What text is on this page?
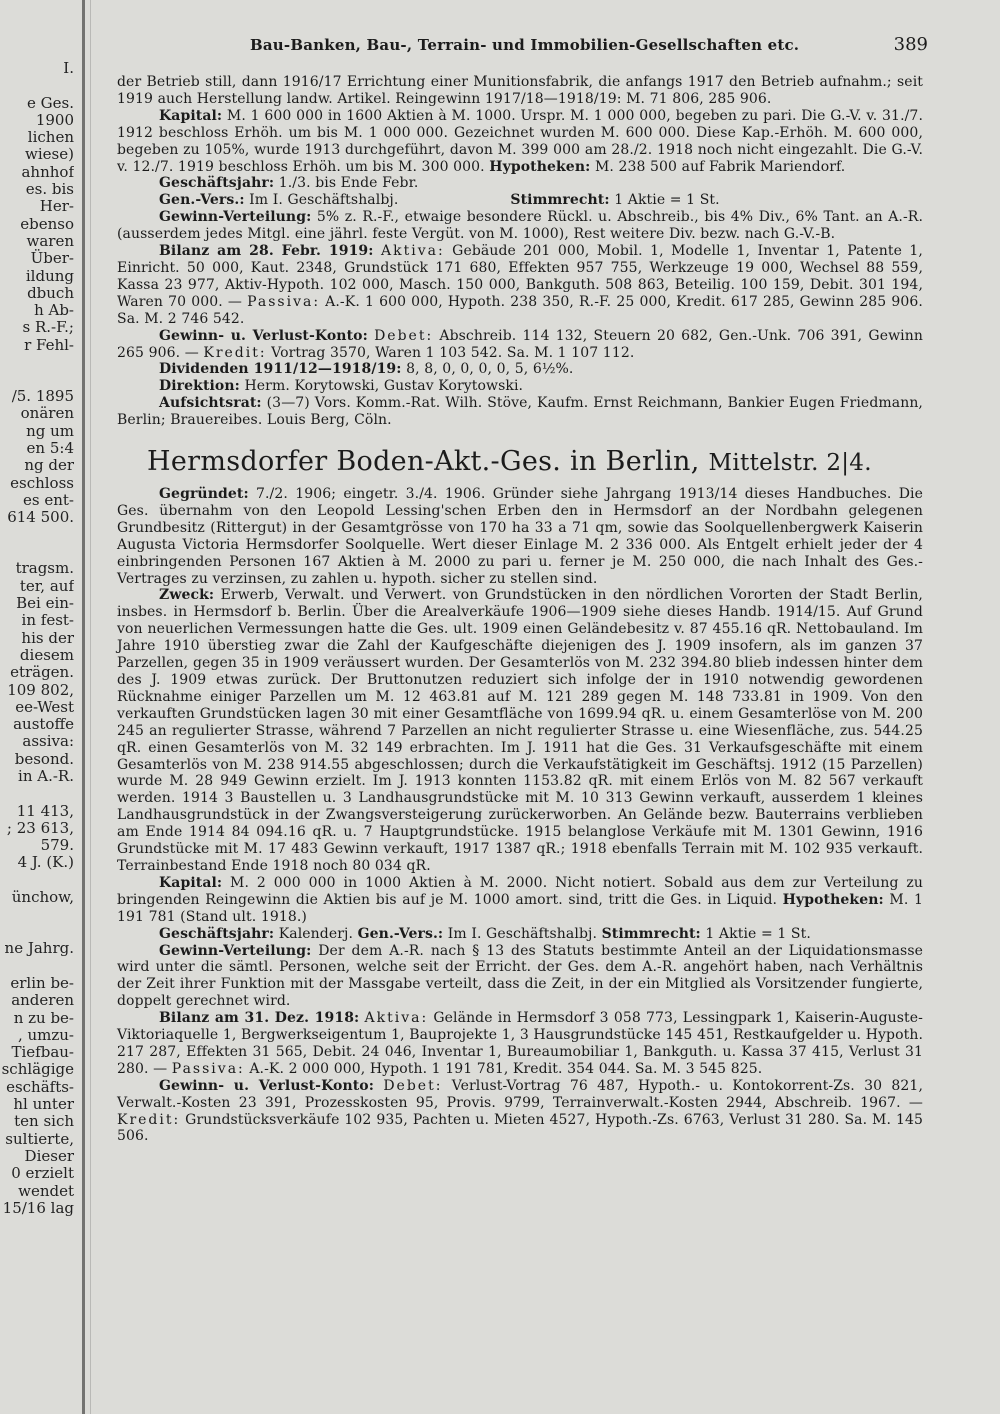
I.

e Ges.
1900
lichen
wiese)
ahnhof
es. bis
Her-
ebenso
waren
Über-
ildung
dbuch
h Ab-
s R.-F.;
r Fehl-
/5. 1895
onären
ng um
en 5:4
ng der
eschloss
es ent-
614 500.
tragsm.
ter, auf
Bei ein-
in fest-
his der
diesem
eträgen.
109 802,
ee-West
austoffe
assiva:
besond.
in A.-R.

11 413,
; 23 613,
579.
4 J. (K.)

ünchow,
ne Jahrg.

erlin be-
anderen
n zu be-
, umzu-
Tiefbau-
schlägige
eschäfts-
hl unter
ten sich
sultierte,
Dieser
0 erzielt
wendet
15/16 lag
Bau-Banken, Bau-, Terrain- und Immobilien-Gesellschaften etc.	389

der Betrieb still, dann 1916/17 Errichtung einer Munitionsfabrik, die anfangs 1917 den Betrieb aufnahm.; seit 1919 auch Herstellung landw. Artikel. Reingewinn 1917/18—1918/19: M. 71 806, 285 906.

Kapital: M. 1 600 000 in 1600 Aktien à M. 1000. Urspr. M. 1 000 000, begeben zu pari. Die G.-V. v. 31./7. 1912 beschloss Erhöh. um bis M. 1 000 000. Gezeichnet wurden M. 600 000. Diese Kap.-Erhöh. M. 600 000, begeben zu 105%, wurde 1913 durchgeführt, davon M. 399 000 am 28./2. 1918 noch nicht eingezahlt. Die G.-V. v. 12./7. 1919 beschloss Erhöh. um bis M. 300 000. Hypotheken: M. 238 500 auf Fabrik Mariendorf.

Geschäftsjahr: 1./3. bis Ende Febr.

Gen.-Vers.: Im I. Geschäftshalbj.	Stimmrecht: 1 Aktie = 1 St.

Gewinn-Verteilung: 5% z. R.-F., etwaige besondere Rückl. u. Abschreib., bis 4% Div., 6% Tant. an A.-R. (ausserdem jedes Mitgl. eine jährl. feste Vergüt. von M. 1000), Rest weitere Div. bezw. nach G.-V.-B.

Bilanz am 28. Febr. 1919: Aktiva: Gebäude 201 000, Mobil. 1, Modelle 1, Inventar 1, Patente 1, Einricht. 50 000, Kaut. 2348, Grundstück 171 680, Effekten 957 755, Werkzeuge 19 000, Wechsel 88 559, Kassa 23 977, Aktiv-Hypoth. 102 000, Masch. 150 000, Bankguth. 508 863, Beteilig. 100 159, Debit. 301 194, Waren 70 000. — Passiva: A.-K. 1 600 000, Hypoth. 238 350, R.-F. 25 000, Kredit. 617 285, Gewinn 285 906. Sa. M. 2 746 542.

Gewinn- u. Verlust-Konto: Debet: Abschreib. 114 132, Steuern 20 682, Gen.-Unk. 706 391, Gewinn 265 906. — Kredit: Vortrag 3570, Waren 1 103 542. Sa. M. 1 107 112.

Dividenden 1911/12—1918/19: 8, 8, 0, 0, 0, 0, 5, 6½%.

Direktion: Herm. Korytowski, Gustav Korytowski.

Aufsichtsrat: (3—7) Vors. Komm.-Rat. Wilh. Stöve, Kaufm. Ernst Reichmann, Bankier Eugen Friedmann, Berlin; Brauereibes. Louis Berg, Cöln.

Hermsdorfer Boden-Akt.-Ges. in Berlin, Mittelstr. 2|4.

Gegründet: 7./2. 1906; eingetr. 3./4. 1906. Gründer siehe Jahrgang 1913/14 dieses Handbuches. Die Ges. übernahm von den Leopold Lessing'schen Erben den in Hermsdorf an der Nordbahn gelegenen Grundbesitz (Rittergut) in der Gesamtgrösse von 170 ha 33 a 71 qm, sowie das Soolquellenbergwerk Kaiserin Augusta Victoria Hermsdorfer Soolquelle. Wert dieser Einlage M. 2 336 000. Als Entgelt erhielt jeder der 4 einbringenden Personen 167 Aktien à M. 2000 zu pari u. ferner je M. 250 000, die nach Inhalt des Ges.-Vertrages zu verzinsen, zu zahlen u. hypoth. sicher zu stellen sind.

Zweck: Erwerb, Verwalt. und Verwert. von Grundstücken in den nördlichen Vororten der Stadt Berlin, insbes. in Hermsdorf b. Berlin. Über die Arealverkäufe 1906—1909 siehe dieses Handb. 1914/15. Auf Grund von neuerlichen Vermessungen hatte die Ges. ult. 1909 einen Geländebesitz v. 87 455.16 qR. Nettobauland. Im Jahre 1910 überstieg zwar die Zahl der Kaufgeschäfte diejenigen des J. 1909 insofern, als im ganzen 37 Parzellen, gegen 35 in 1909 veräussert wurden. Der Gesamterlös von M. 232 394.80 blieb indessen hinter dem des J. 1909 etwas zurück. Der Bruttonutzen reduziert sich infolge der in 1910 notwendig gewordenen Rücknahme einiger Parzellen um M. 12 463.81 auf M. 121 289 gegen M. 148 733.81 in 1909. Von den verkauften Grundstücken lagen 30 mit einer Gesamtfläche von 1699.94 qR. u. einem Gesamterlöse von M. 200 245 an regulierter Strasse, während 7 Parzellen an nicht regulierter Strasse u. eine Wiesenfläche, zus. 544.25 qR. einen Gesamterlös von M. 32 149 erbrachten. Im J. 1911 hat die Ges. 31 Verkaufsgeschäfte mit einem Gesamterlös von M. 238 914.55 abgeschlossen; durch die Verkaufstätigkeit im Geschäftsj. 1912 (15 Parzellen) wurde M. 28 949 Gewinn erzielt. Im J. 1913 konnten 1153.82 qR. mit einem Erlös von M. 82 567 verkauft werden. 1914 3 Baustellen u. 3 Landhausgrundstücke mit M. 10 313 Gewinn verkauft, ausserdem 1 kleines Landhausgrundstück in der Zwangsversteigerung zurückerworben. An Gelände bezw. Bauterrains verblieben am Ende 1914 84 094.16 qR. u. 7 Hauptgrundstücke. 1915 belanglose Verkäufe mit M. 1301 Gewinn, 1916 Grundstücke mit M. 17 483 Gewinn verkauft, 1917 1387 qR.; 1918 ebenfalls Terrain mit M. 102 935 verkauft. Terrainbestand Ende 1918 noch 80 034 qR.

Kapital: M. 2 000 000 in 1000 Aktien à M. 2000. Nicht notiert. Sobald aus dem zur Verteilung zu bringenden Reingewinn die Aktien bis auf je M. 1000 amort. sind, tritt die Ges. in Liquid. Hypotheken: M. 1 191 781 (Stand ult. 1918.)

Geschäftsjahr: Kalenderj. Gen.-Vers.: Im I. Geschäftshalbj. Stimmrecht: 1 Aktie = 1 St.

Gewinn-Verteilung: Der dem A.-R. nach § 13 des Statuts bestimmte Anteil an der Liquidationsmasse wird unter die sämtl. Personen, welche seit der Erricht. der Ges. dem A.-R. angehört haben, nach Verhältnis der Zeit ihrer Funktion mit der Massgabe verteilt, dass die Zeit, in der ein Mitglied als Vorsitzender fungierte, doppelt gerechnet wird.

Bilanz am 31. Dez. 1918: Aktiva: Gelände in Hermsdorf 3 058 773, Lessingpark 1, Kaiserin-Auguste-Viktoriaquelle 1, Bergwerkseigentum 1, Bauprojekte 1, 3 Hausgrundstücke 145 451, Restkaufgelder u. Hypoth. 217 287, Effekten 31 565, Debit. 24 046, Inventar 1, Bureaumobiliar 1, Bankguth. u. Kassa 37 415, Verlust 31 280. — Passiva: A.-K. 2 000 000, Hypoth. 1 191 781, Kredit. 354 044. Sa. M. 3 545 825.

Gewinn- u. Verlust-Konto: Debet: Verlust-Vortrag 76 487, Hypoth.- u. Kontokorrent-Zs. 30 821, Verwalt.-Kosten 23 391, Prozesskosten 95, Provis. 9799, Terrainverwalt.-Kosten 2944, Abschreib. 1967. — Kredit: Grundstücksverkäufe 102 935, Pachten u. Mieten 4527, Hypoth.-Zs. 6763, Verlust 31 280. Sa. M. 145 506.
